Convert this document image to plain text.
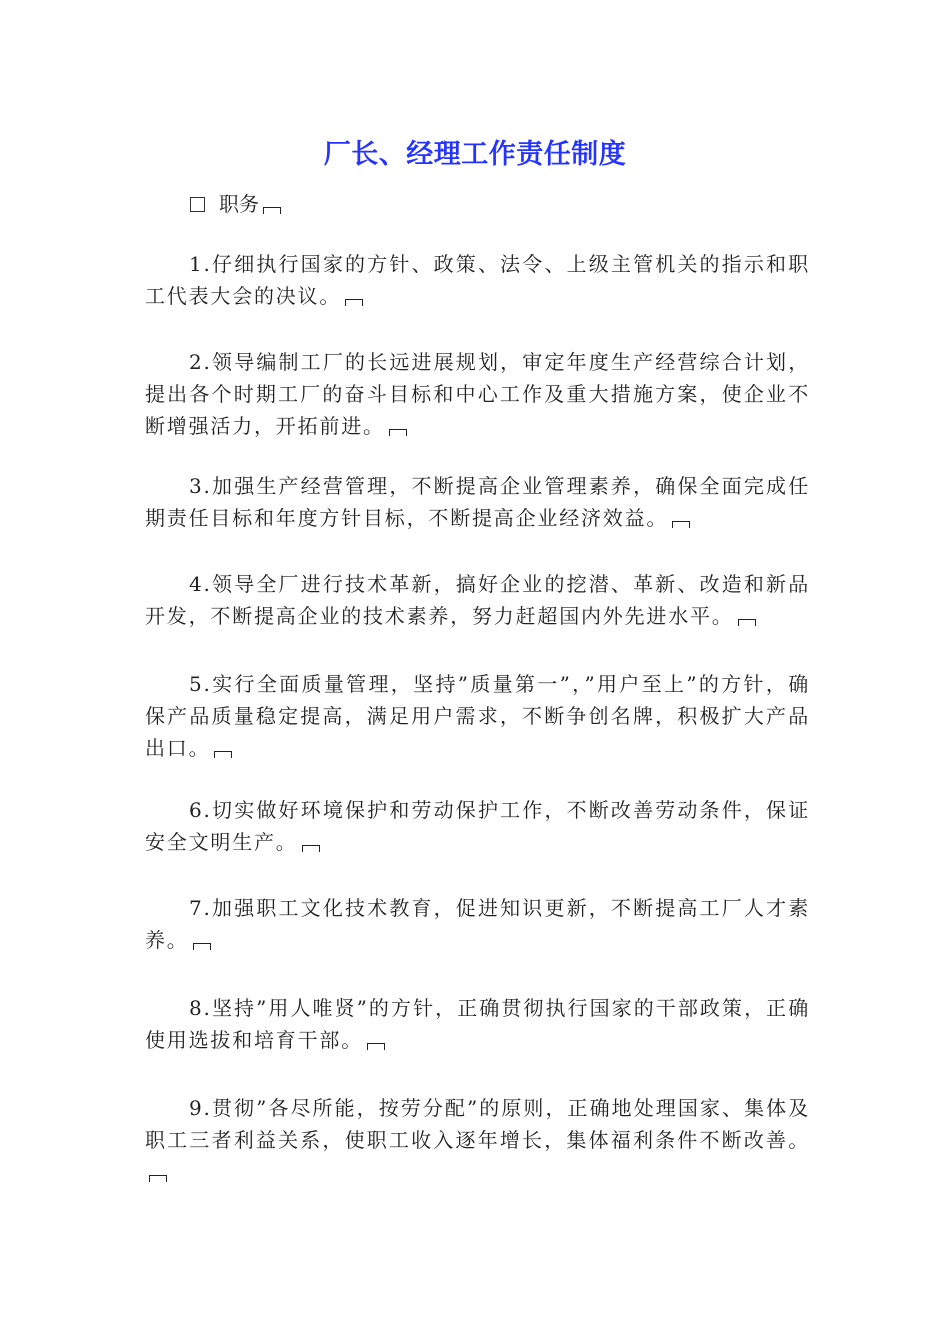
厂长、经理工作责任制度
职务
1.仔细执行国家的方针、政策、法令、上级主管机关的指示和职工代表大会的决议。
2.领导编制工厂的长远进展规划，审定年度生产经营综合计划，提出各个时期工厂的奋斗目标和中心工作及重大措施方案，使企业不断增强活力，开拓前进。
3.加强生产经营管理，不断提高企业管理素养，确保全面完成任期责任目标和年度方针目标，不断提高企业经济效益。
4.领导全厂进行技术革新，搞好企业的挖潜、革新、改造和新品开发，不断提高企业的技术素养，努力赶超国内外先进水平。
5.实行全面质量管理，坚持”质量第一”，”用户至上”的方针，确保产品质量稳定提高，满足用户需求，不断争创名牌，积极扩大产品出口。
6.切实做好环境保护和劳动保护工作，不断改善劳动条件，保证安全文明生产。
7.加强职工文化技术教育，促进知识更新，不断提高工厂人才素养。
8.坚持”用人唯贤”的方针，正确贯彻执行国家的干部政策，正确使用选拔和培育干部。
9.贯彻”各尽所能，按劳分配”的原则，正确地处理国家、集体及职工三者利益关系，使职工收入逐年增长，集体福利条件不断改善。
